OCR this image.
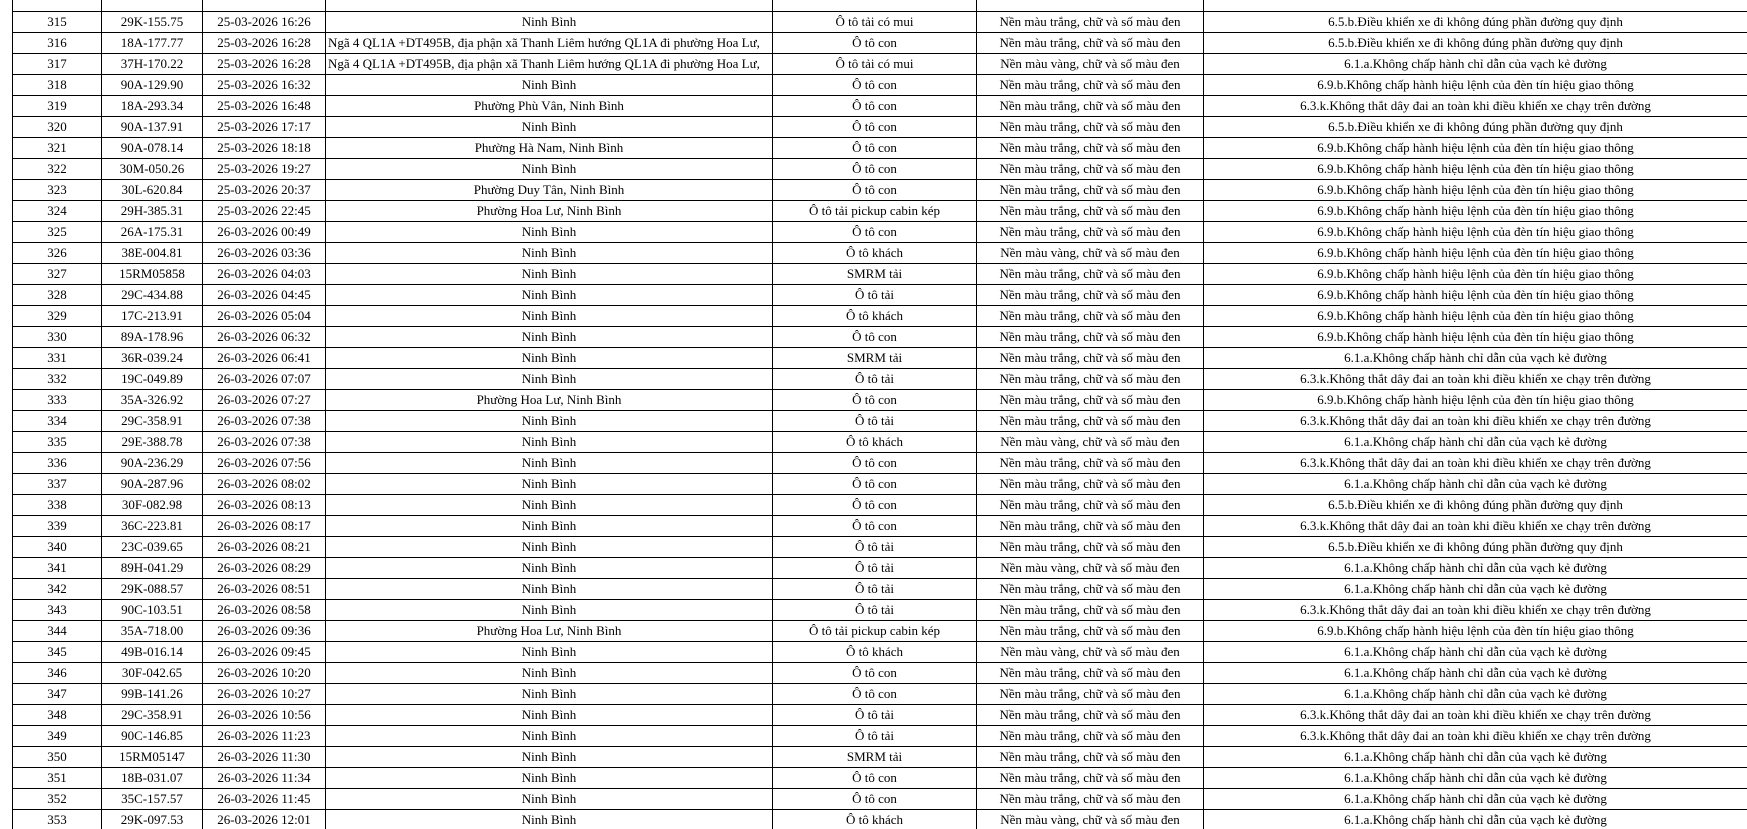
315	29K-155.75	25-03-2026 16:26	Ninh Bình	Ô tô tải có mui	Nền màu trắng, chữ và số màu đen	6.5.b.Điều khiển xe đi không đúng phần đường quy định
316	18A-177.77	25-03-2026 16:28	Ngã 4 QL1A +DT495B, địa phận xã Thanh Liêm hướng QL1A đi phường Hoa Lư,	Ô tô con	Nền màu trắng, chữ và số màu đen	6.5.b.Điều khiển xe đi không đúng phần đường quy định
317	37H-170.22	25-03-2026 16:28	Ngã 4 QL1A +DT495B, địa phận xã Thanh Liêm hướng QL1A đi phường Hoa Lư,	Ô tô tải có mui	Nền màu vàng, chữ và số màu đen	6.1.a.Không chấp hành chỉ dẫn của vạch kẻ đường
318	90A-129.90	25-03-2026 16:32	Ninh Bình	Ô tô con	Nền màu trắng, chữ và số màu đen	6.9.b.Không chấp hành hiệu lệnh của đèn tín hiệu giao thông
319	18A-293.34	25-03-2026 16:48	Phường Phù Vân, Ninh Bình	Ô tô con	Nền màu trắng, chữ và số màu đen	6.3.k.Không thắt dây đai an toàn khi điều khiển xe chạy trên đường
320	90A-137.91	25-03-2026 17:17	Ninh Bình	Ô tô con	Nền màu trắng, chữ và số màu đen	6.5.b.Điều khiển xe đi không đúng phần đường quy định
321	90A-078.14	25-03-2026 18:18	Phường Hà Nam, Ninh Bình	Ô tô con	Nền màu trắng, chữ và số màu đen	6.9.b.Không chấp hành hiệu lệnh của đèn tín hiệu giao thông
322	30M-050.26	25-03-2026 19:27	Ninh Bình	Ô tô con	Nền màu trắng, chữ và số màu đen	6.9.b.Không chấp hành hiệu lệnh của đèn tín hiệu giao thông
323	30L-620.84	25-03-2026 20:37	Phường Duy Tân, Ninh Bình	Ô tô con	Nền màu trắng, chữ và số màu đen	6.9.b.Không chấp hành hiệu lệnh của đèn tín hiệu giao thông
324	29H-385.31	25-03-2026 22:45	Phường Hoa Lư, Ninh Bình	Ô tô tải pickup cabin kép	Nền màu trắng, chữ và số màu đen	6.9.b.Không chấp hành hiệu lệnh của đèn tín hiệu giao thông
325	26A-175.31	26-03-2026 00:49	Ninh Bình	Ô tô con	Nền màu trắng, chữ và số màu đen	6.9.b.Không chấp hành hiệu lệnh của đèn tín hiệu giao thông
326	38E-004.81	26-03-2026 03:36	Ninh Bình	Ô tô khách	Nền màu vàng, chữ và số màu đen	6.9.b.Không chấp hành hiệu lệnh của đèn tín hiệu giao thông
327	15RM05858	26-03-2026 04:03	Ninh Bình	SMRM tải	Nền màu trắng, chữ và số màu đen	6.9.b.Không chấp hành hiệu lệnh của đèn tín hiệu giao thông
328	29C-434.88	26-03-2026 04:45	Ninh Bình	Ô tô tải	Nền màu trắng, chữ và số màu đen	6.9.b.Không chấp hành hiệu lệnh của đèn tín hiệu giao thông
329	17C-213.91	26-03-2026 05:04	Ninh Bình	Ô tô khách	Nền màu trắng, chữ và số màu đen	6.9.b.Không chấp hành hiệu lệnh của đèn tín hiệu giao thông
330	89A-178.96	26-03-2026 06:32	Ninh Bình	Ô tô con	Nền màu trắng, chữ và số màu đen	6.9.b.Không chấp hành hiệu lệnh của đèn tín hiệu giao thông
331	36R-039.24	26-03-2026 06:41	Ninh Bình	SMRM tải	Nền màu trắng, chữ và số màu đen	6.1.a.Không chấp hành chỉ dẫn của vạch kẻ đường
332	19C-049.89	26-03-2026 07:07	Ninh Bình	Ô tô tải	Nền màu trắng, chữ và số màu đen	6.3.k.Không thắt dây đai an toàn khi điều khiển xe chạy trên đường
333	35A-326.92	26-03-2026 07:27	Phường Hoa Lư, Ninh Bình	Ô tô con	Nền màu trắng, chữ và số màu đen	6.9.b.Không chấp hành hiệu lệnh của đèn tín hiệu giao thông
334	29C-358.91	26-03-2026 07:38	Ninh Bình	Ô tô tải	Nền màu trắng, chữ và số màu đen	6.3.k.Không thắt dây đai an toàn khi điều khiển xe chạy trên đường
335	29E-388.78	26-03-2026 07:38	Ninh Bình	Ô tô khách	Nền màu vàng, chữ và số màu đen	6.1.a.Không chấp hành chỉ dẫn của vạch kẻ đường
336	90A-236.29	26-03-2026 07:56	Ninh Bình	Ô tô con	Nền màu trắng, chữ và số màu đen	6.3.k.Không thắt dây đai an toàn khi điều khiển xe chạy trên đường
337	90A-287.96	26-03-2026 08:02	Ninh Bình	Ô tô con	Nền màu trắng, chữ và số màu đen	6.1.a.Không chấp hành chỉ dẫn của vạch kẻ đường
338	30F-082.98	26-03-2026 08:13	Ninh Bình	Ô tô con	Nền màu trắng, chữ và số màu đen	6.5.b.Điều khiển xe đi không đúng phần đường quy định
339	36C-223.81	26-03-2026 08:17	Ninh Bình	Ô tô con	Nền màu trắng, chữ và số màu đen	6.3.k.Không thắt dây đai an toàn khi điều khiển xe chạy trên đường
340	23C-039.65	26-03-2026 08:21	Ninh Bình	Ô tô tải	Nền màu trắng, chữ và số màu đen	6.5.b.Điều khiển xe đi không đúng phần đường quy định
341	89H-041.29	26-03-2026 08:29	Ninh Bình	Ô tô tải	Nền màu vàng, chữ và số màu đen	6.1.a.Không chấp hành chỉ dẫn của vạch kẻ đường
342	29K-088.57	26-03-2026 08:51	Ninh Bình	Ô tô tải	Nền màu trắng, chữ và số màu đen	6.1.a.Không chấp hành chỉ dẫn của vạch kẻ đường
343	90C-103.51	26-03-2026 08:58	Ninh Bình	Ô tô tải	Nền màu trắng, chữ và số màu đen	6.3.k.Không thắt dây đai an toàn khi điều khiển xe chạy trên đường
344	35A-718.00	26-03-2026 09:36	Phường Hoa Lư, Ninh Bình	Ô tô tải pickup cabin kép	Nền màu trắng, chữ và số màu đen	6.9.b.Không chấp hành hiệu lệnh của đèn tín hiệu giao thông
345	49B-016.14	26-03-2026 09:45	Ninh Bình	Ô tô khách	Nền màu vàng, chữ và số màu đen	6.1.a.Không chấp hành chỉ dẫn của vạch kẻ đường
346	30F-042.65	26-03-2026 10:20	Ninh Bình	Ô tô con	Nền màu trắng, chữ và số màu đen	6.1.a.Không chấp hành chỉ dẫn của vạch kẻ đường
347	99B-141.26	26-03-2026 10:27	Ninh Bình	Ô tô con	Nền màu trắng, chữ và số màu đen	6.1.a.Không chấp hành chỉ dẫn của vạch kẻ đường
348	29C-358.91	26-03-2026 10:56	Ninh Bình	Ô tô tải	Nền màu trắng, chữ và số màu đen	6.3.k.Không thắt dây đai an toàn khi điều khiển xe chạy trên đường
349	90C-146.85	26-03-2026 11:23	Ninh Bình	Ô tô tải	Nền màu trắng, chữ và số màu đen	6.3.k.Không thắt dây đai an toàn khi điều khiển xe chạy trên đường
350	15RM05147	26-03-2026 11:30	Ninh Bình	SMRM tải	Nền màu trắng, chữ và số màu đen	6.1.a.Không chấp hành chỉ dẫn của vạch kẻ đường
351	18B-031.07	26-03-2026 11:34	Ninh Bình	Ô tô con	Nền màu trắng, chữ và số màu đen	6.1.a.Không chấp hành chỉ dẫn của vạch kẻ đường
352	35C-157.57	26-03-2026 11:45	Ninh Bình	Ô tô con	Nền màu trắng, chữ và số màu đen	6.1.a.Không chấp hành chỉ dẫn của vạch kẻ đường
353	29K-097.53	26-03-2026 12:01	Ninh Bình	Ô tô khách	Nền màu vàng, chữ và số màu đen	6.1.a.Không chấp hành chỉ dẫn của vạch kẻ đường
